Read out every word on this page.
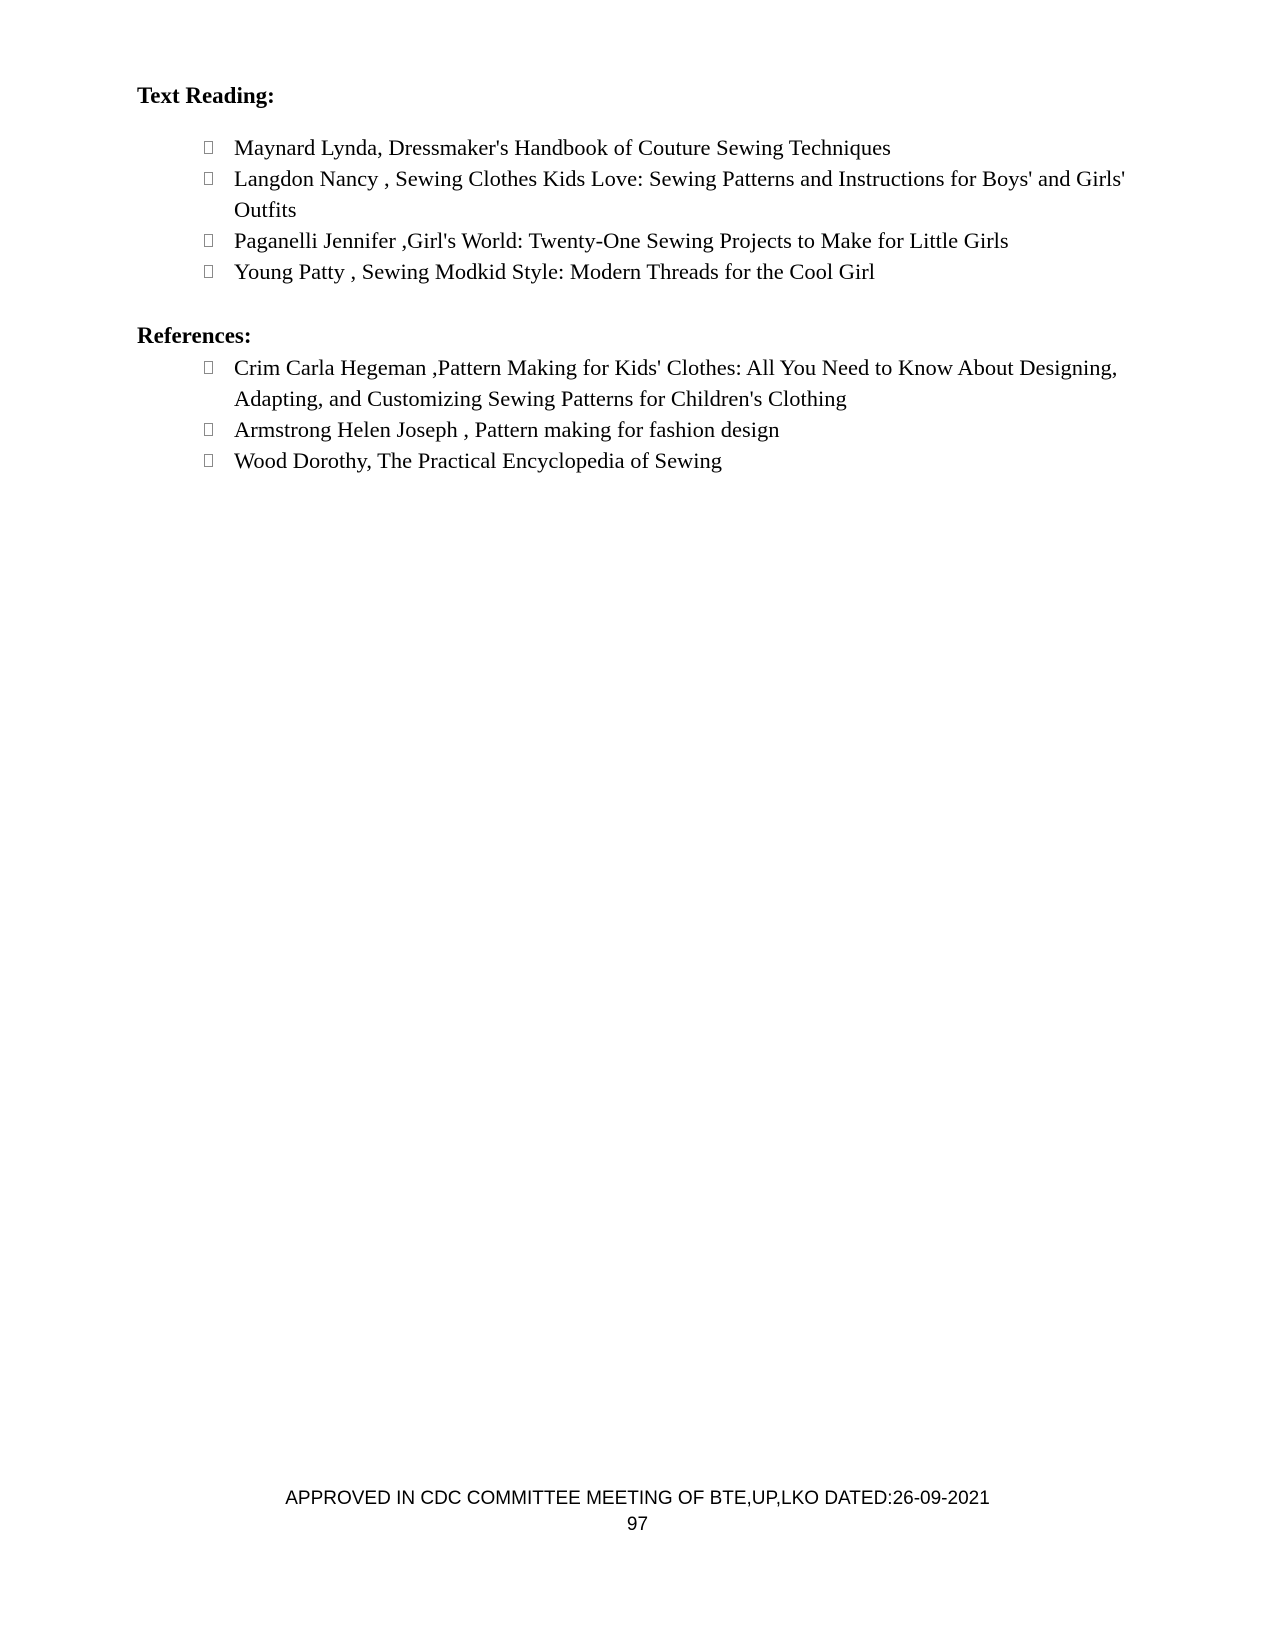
Text Reading:
Maynard Lynda, Dressmaker's Handbook of Couture Sewing Techniques
Langdon Nancy , Sewing Clothes Kids Love: Sewing Patterns and Instructions for Boys' and Girls' Outfits
Paganelli Jennifer ,Girl's World: Twenty-One Sewing Projects to Make for Little Girls
Young Patty , Sewing Modkid Style: Modern Threads for the Cool Girl
References:
Crim Carla Hegeman ,Pattern Making for Kids' Clothes: All You Need to Know About Designing, Adapting, and Customizing Sewing Patterns for Children's Clothing
Armstrong Helen Joseph , Pattern making for fashion design
Wood Dorothy, The Practical Encyclopedia of Sewing
APPROVED IN CDC COMMITTEE MEETING OF BTE,UP,LKO DATED:26-09-2021
97
